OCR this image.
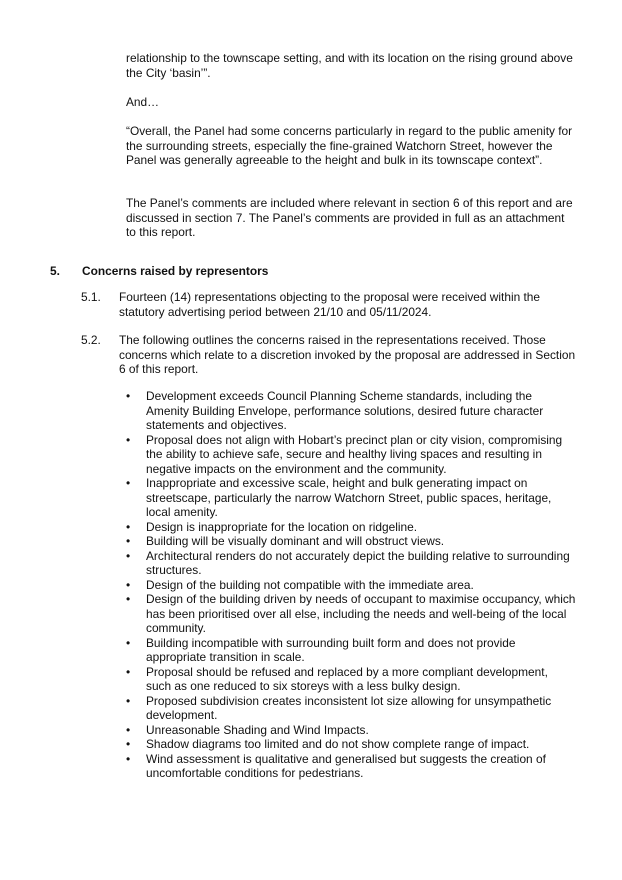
relationship to the townscape setting, and with its location on the rising ground above the City ‘basin’”.

And…

“Overall, the Panel had some concerns particularly in regard to the public amenity for the surrounding streets, especially the fine-grained Watchorn Street, however the Panel was generally agreeable to the height and bulk in its townscape context”.

The Panel’s comments are included where relevant in section 6 of this report and are discussed in section 7. The Panel’s comments are provided in full as an attachment to this report.

5. Concerns raised by representors
5.1. Fourteen (14) representations objecting to the proposal were received within the statutory advertising period between 21/10 and 05/11/2024.
5.2. The following outlines the concerns raised in the representations received. Those concerns which relate to a discretion invoked by the proposal are addressed in Section 6 of this report.
• Development exceeds Council Planning Scheme standards, including the Amenity Building Envelope, performance solutions, desired future character statements and objectives.
• Proposal does not align with Hobart’s precinct plan or city vision, compromising the ability to achieve safe, secure and healthy living spaces and resulting in negative impacts on the environment and the community.
• Inappropriate and excessive scale, height and bulk generating impact on streetscape, particularly the narrow Watchorn Street, public spaces, heritage, local amenity.
• Design is inappropriate for the location on ridgeline.
• Building will be visually dominant and will obstruct views.
• Architectural renders do not accurately depict the building relative to surrounding structures.
• Design of the building not compatible with the immediate area.
• Design of the building driven by needs of occupant to maximise occupancy, which has been prioritised over all else, including the needs and well-being of the local community.
• Building incompatible with surrounding built form and does not provide appropriate transition in scale.
• Proposal should be refused and replaced by a more compliant development, such as one reduced to six storeys with a less bulky design.
• Proposed subdivision creates inconsistent lot size allowing for unsympathetic development.
• Unreasonable Shading and Wind Impacts.
• Shadow diagrams too limited and do not show complete range of impact.
• Wind assessment is qualitative and generalised but suggests the creation of uncomfortable conditions for pedestrians.
